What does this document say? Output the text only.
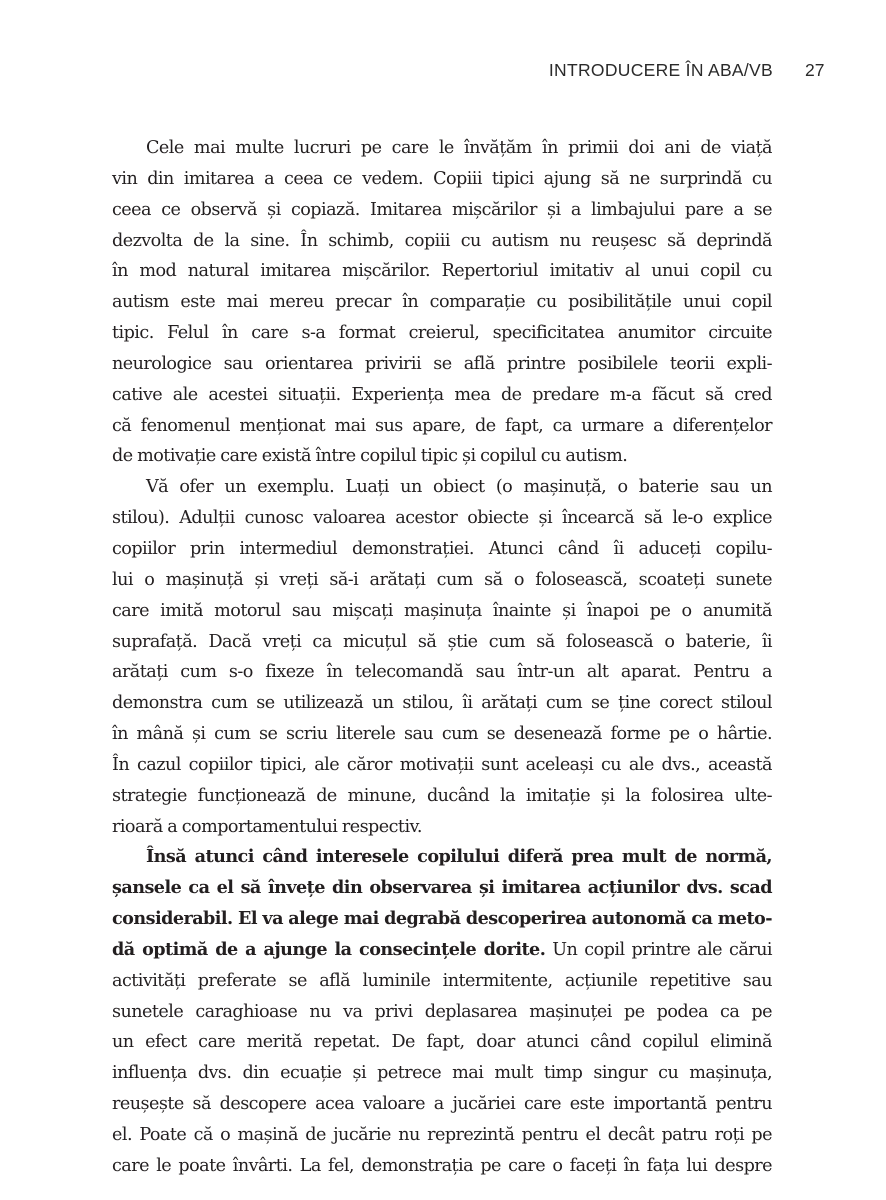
INTRODUCERE ÎN ABA/VB 27
Cele mai multe lucruri pe care le învățăm în primii doi ani de viață
vin din imitarea a ceea ce vedem. Copiii tipici ajung să ne surprindă cu
ceea ce observă și copiază. Imitarea mișcărilor și a limbajului pare a se
dezvolta de la sine. În schimb, copiii cu autism nu reușesc să deprindă
în mod natural imitarea mișcărilor. Repertoriul imitativ al unui copil cu
autism este mai mereu precar în comparație cu posibilitățile unui copil
tipic. Felul în care s-a format creierul, specificitatea anumitor circuite
neurologice sau orientarea privirii se află printre posibilele teorii expli-
cative ale acestei situații. Experiența mea de predare m-a făcut să cred
că fenomenul menționat mai sus apare, de fapt, ca urmare a diferențelor
de motivație care există între copilul tipic și copilul cu autism.
Vă ofer un exemplu. Luați un obiect (o mașinuță, o baterie sau un
stilou). Adulții cunosc valoarea acestor obiecte și încearcă să le-o explice
copiilor prin intermediul demonstrației. Atunci când îi aduceți copilu-
lui o mașinuță și vreți să-i arătați cum să o folosească, scoateți sunete
care imită motorul sau mișcați mașinuța înainte și înapoi pe o anumită
suprafață. Dacă vreți ca micuțul să știe cum să folosească o baterie, îi
arătați cum s-o fixeze în telecomandă sau într-un alt aparat. Pentru a
demonstra cum se utilizează un stilou, îi arătați cum se ține corect stiloul
în mână și cum se scriu literele sau cum se desenează forme pe o hârtie.
În cazul copiilor tipici, ale căror motivații sunt aceleași cu ale dvs., această
strategie funcționează de minune, ducând la imitație și la folosirea ulte-
rioară a comportamentului respectiv.
Însă atunci când interesele copilului diferă prea mult de normă,
șansele ca el să învețe din observarea și imitarea acțiunilor dvs. scad
considerabil. El va alege mai degrabă descoperirea autonomă ca meto-
dă optimă de a ajunge la consecințele dorite. Un copil printre ale cărui
activități preferate se află luminile intermitente, acțiunile repetitive sau
sunetele caraghioase nu va privi deplasarea mașinuței pe podea ca pe
un efect care merită repetat. De fapt, doar atunci când copilul elimină
influența dvs. din ecuație și petrece mai mult timp singur cu mașinuța,
reușește să descopere acea valoare a jucăriei care este importantă pentru
el. Poate că o mașină de jucărie nu reprezintă pentru el decât patru roți pe
care le poate învârti. La fel, demonstrația pe care o faceți în fața lui despre
